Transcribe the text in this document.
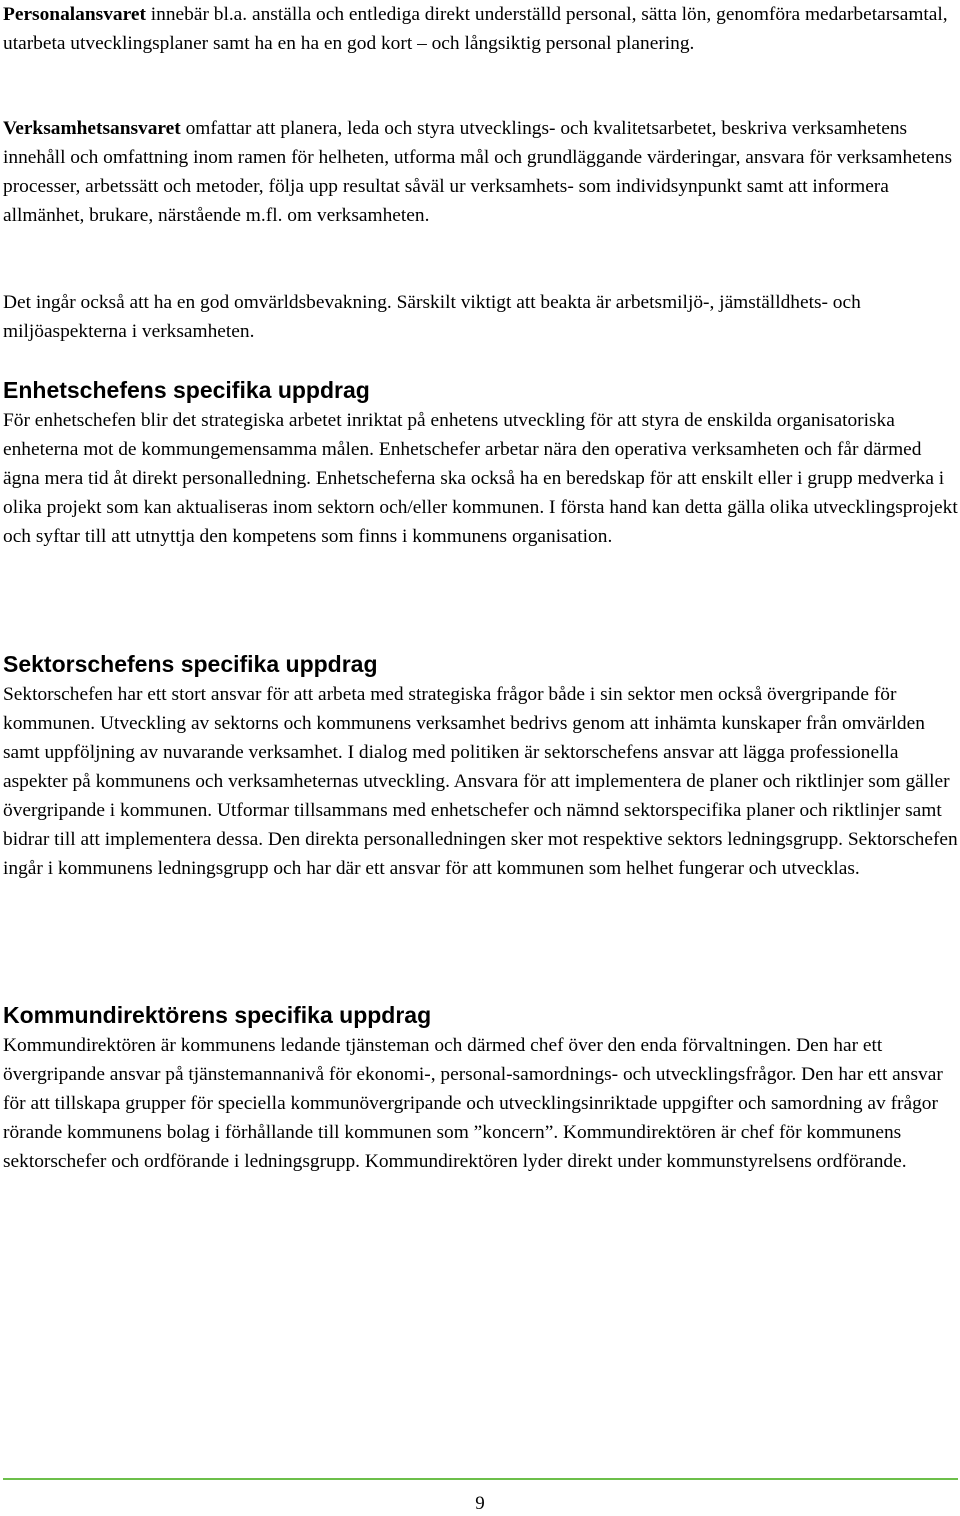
Personalansvaret innebär bl.a. anställa och entlediga direkt underställd personal, sätta lön, genomföra medarbetarsamtal, utarbeta utvecklingsplaner samt ha en ha en god kort – och långsiktig personal planering.

Verksamhetsansvaret omfattar att planera, leda och styra utvecklings- och kvalitetsarbetet, beskriva verksamhetens innehåll och omfattning inom ramen för helheten, utforma mål och grundläggande värderingar, ansvara för verksamhetens processer, arbetssätt och metoder, följa upp resultat såväl ur verksamhets- som individsynpunkt samt att informera allmänhet, brukare, närstående m.fl. om verksamheten.

Det ingår också att ha en god omvärldsbevakning. Särskilt viktigt att beakta är arbetsmiljö-, jämställdhets- och miljöaspekterna i verksamheten.

Enhetschefens specifika uppdrag

För enhetschefen blir det strategiska arbetet inriktat på enhetens utveckling för att styra de enskilda organisatoriska enheterna mot de kommungemensamma målen. Enhetschefer arbetar nära den operativa verksamheten och får därmed ägna mera tid åt direkt personalledning. Enhetscheferna ska också ha en beredskap för att enskilt eller i grupp medverka i olika projekt som kan aktualiseras inom sektorn och/eller kommunen. I första hand kan detta gälla olika utvecklingsprojekt och syftar till att utnyttja den kompetens som finns i kommunens organisation.

Sektorschefens specifika uppdrag

Sektorschefen har ett stort ansvar för att arbeta med strategiska frågor både i sin sektor men också övergripande för kommunen. Utveckling av sektorns och kommunens verksamhet bedrivs genom att inhämta kunskaper från omvärlden samt uppföljning av nuvarande verksamhet. I dialog med politiken är sektorschefens ansvar att lägga professionella aspekter på kommunens och verksamheternas utveckling. Ansvara för att implementera de planer och riktlinjer som gäller övergripande i kommunen. Utformar tillsammans med enhetschefer och nämnd sektorspecifika planer och riktlinjer samt bidrar till att implementera dessa. Den direkta personalledningen sker mot respektive sektors ledningsgrupp. Sektorschefen ingår i kommunens ledningsgrupp och har där ett ansvar för att kommunen som helhet fungerar och utvecklas.

Kommundirektörens specifika uppdrag

Kommundirektören är kommunens ledande tjänsteman och därmed chef över den enda förvaltningen. Den har ett övergripande ansvar på tjänstemannanivå för ekonomi-, personal-samordnings- och utvecklingsfrågor. Den har ett ansvar för att tillskapa grupper för speciella kommunövergripande och utvecklingsinriktade uppgifter och samordning av frågor rörande kommunens bolag i förhållande till kommunen som ”koncern”. Kommundirektören är chef för kommunens sektorschefer och ordförande i ledningsgrupp. Kommundirektören lyder direkt under kommunstyrelsens ordförande.

9
